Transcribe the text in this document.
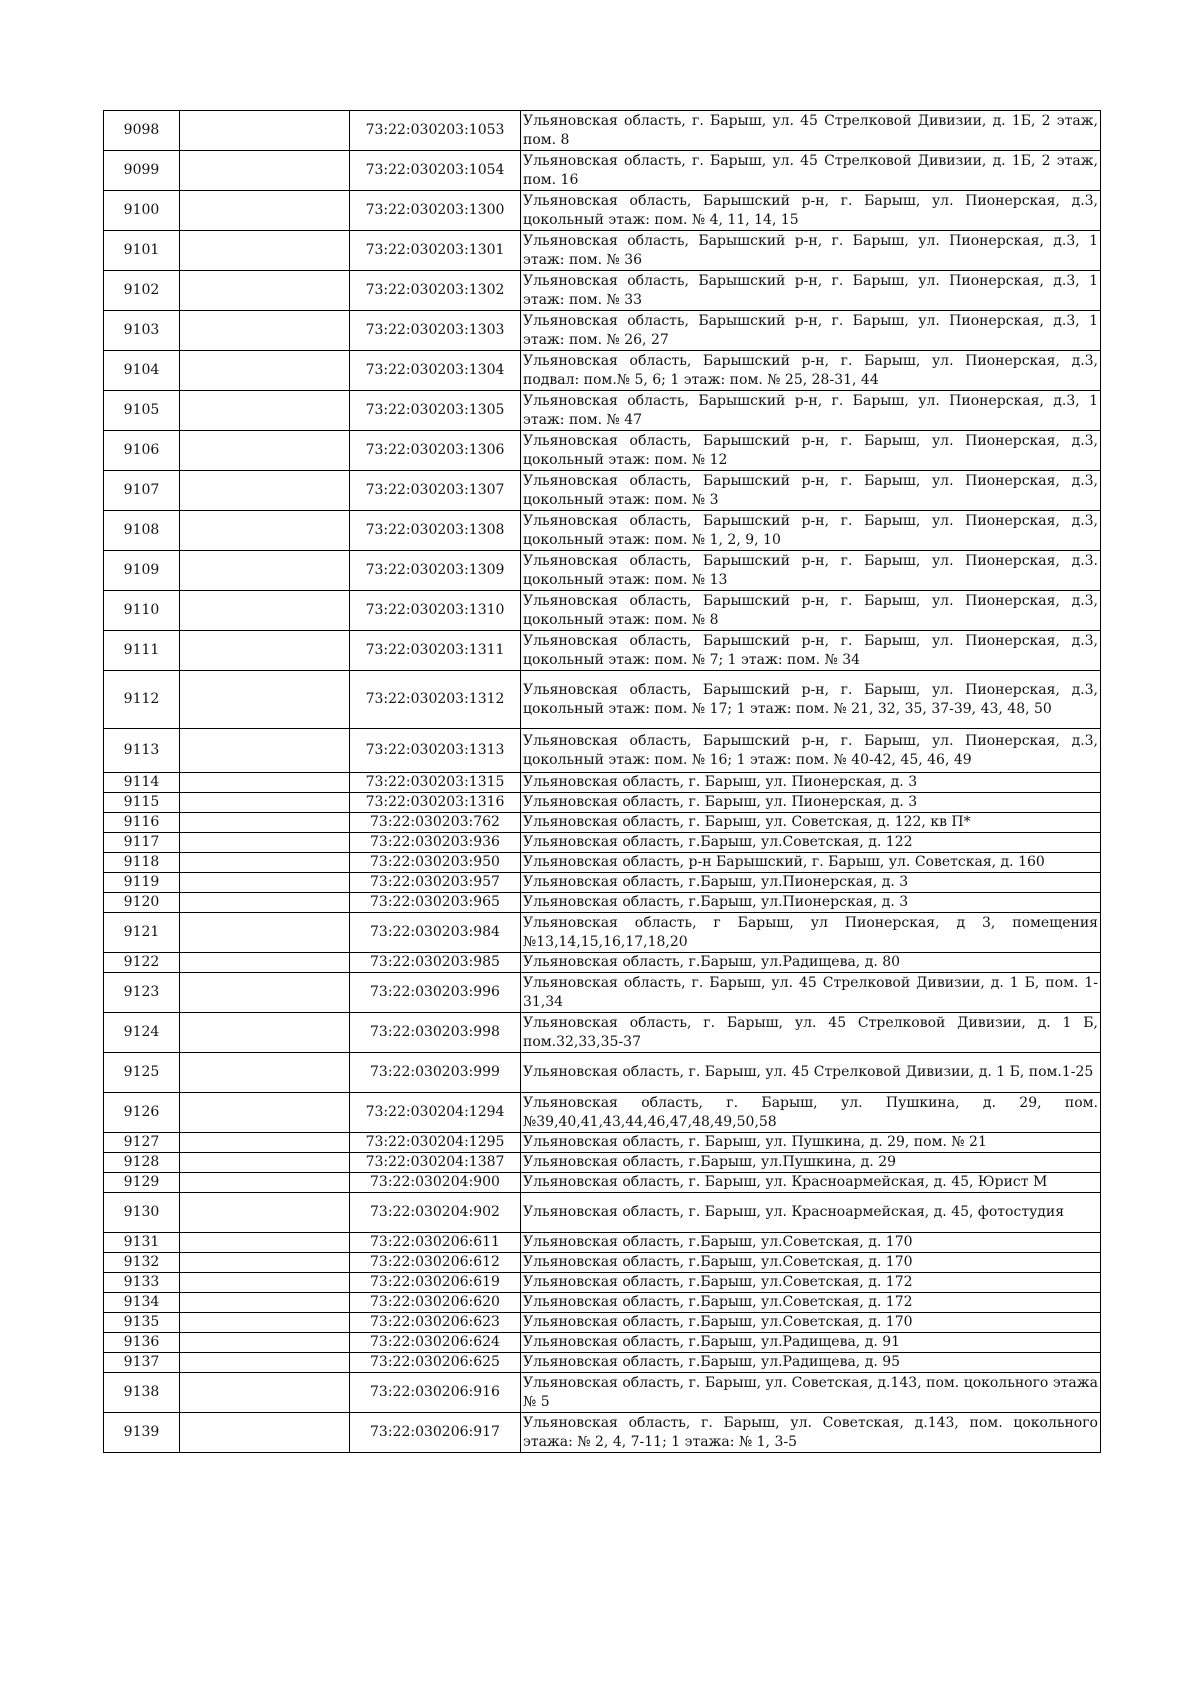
9098		73:22:030203:1053	Ульяновская область, г. Барыш, ул. 45 Стрелковой Дивизии, д. 1Б, 2 этаж, пом. 8
9099		73:22:030203:1054	Ульяновская область, г. Барыш, ул. 45 Стрелковой Дивизии, д. 1Б, 2 этаж, пом. 16
9100		73:22:030203:1300	Ульяновская область, Барышский р-н, г. Барыш, ул. Пионерская, д.3, цокольный этаж: пом. № 4, 11, 14, 15
9101		73:22:030203:1301	Ульяновская область, Барышский р-н, г. Барыш, ул. Пионерская, д.3, 1 этаж: пом. № 36
9102		73:22:030203:1302	Ульяновская область, Барышский р-н, г. Барыш, ул. Пионерская, д.3, 1 этаж: пом. № 33
9103		73:22:030203:1303	Ульяновская область, Барышский р-н, г. Барыш, ул. Пионерская, д.3, 1 этаж: пом. № 26, 27
9104		73:22:030203:1304	Ульяновская область, Барышский р-н, г. Барыш, ул. Пионерская, д.3, подвал: пом.№ 5, 6; 1 этаж: пом. № 25, 28-31, 44
9105		73:22:030203:1305	Ульяновская область, Барышский р-н, г. Барыш, ул. Пионерская, д.3, 1 этаж: пом. № 47
9106		73:22:030203:1306	Ульяновская область, Барышский р-н, г. Барыш, ул. Пионерская, д.3, цокольный этаж: пом. № 12
9107		73:22:030203:1307	Ульяновская область, Барышский р-н, г. Барыш, ул. Пионерская, д.3, цокольный этаж: пом. № 3
9108		73:22:030203:1308	Ульяновская область, Барышский р-н, г. Барыш, ул. Пионерская, д.3, цокольный этаж: пом. № 1, 2, 9, 10
9109		73:22:030203:1309	Ульяновская область, Барышский р-н, г. Барыш, ул. Пионерская, д.3. цокольный этаж: пом. № 13
9110		73:22:030203:1310	Ульяновская область, Барышский р-н, г. Барыш, ул. Пионерская, д.3, цокольный этаж: пом. № 8
9111		73:22:030203:1311	Ульяновская область, Барышский р-н, г. Барыш, ул. Пионерская, д.3, цокольный этаж: пом. № 7; 1 этаж: пом. № 34
9112		73:22:030203:1312	Ульяновская область, Барышский р-н, г. Барыш, ул. Пионерская, д.3, цокольный этаж: пом. № 17; 1 этаж: пом. № 21, 32, 35, 37-39, 43, 48, 50
9113		73:22:030203:1313	Ульяновская область, Барышский р-н, г. Барыш, ул. Пионерская, д.3, цокольный этаж: пом. № 16; 1 этаж: пом. № 40-42, 45, 46, 49
9114		73:22:030203:1315	Ульяновская область, г. Барыш, ул. Пионерская, д. 3
9115		73:22:030203:1316	Ульяновская область, г. Барыш, ул. Пионерская, д. 3
9116		73:22:030203:762	Ульяновская область, г. Барыш, ул. Советская, д. 122, кв П*
9117		73:22:030203:936	Ульяновская область, г.Барыш, ул.Советская, д. 122
9118		73:22:030203:950	Ульяновская область, р-н Барышский, г. Барыш, ул. Советская, д. 160
9119		73:22:030203:957	Ульяновская область, г.Барыш, ул.Пионерская, д. 3
9120		73:22:030203:965	Ульяновская область, г.Барыш, ул.Пионерская, д. 3
9121		73:22:030203:984	Ульяновская область, г Барыш, ул Пионерская, д 3, помещения №13,14,15,16,17,18,20
9122		73:22:030203:985	Ульяновская область, г.Барыш, ул.Радищева, д. 80
9123		73:22:030203:996	Ульяновская область, г. Барыш, ул. 45 Стрелковой Дивизии, д. 1 Б, пом. 1-31,34
9124		73:22:030203:998	Ульяновская область, г. Барыш, ул. 45 Стрелковой Дивизии, д. 1 Б, пом.32,33,35-37
9125		73:22:030203:999	Ульяновская область, г. Барыш, ул. 45 Стрелковой Дивизии, д. 1 Б, пом.1-25
9126		73:22:030204:1294	Ульяновская область, г. Барыш, ул. Пушкина, д. 29, пом. №39,40,41,43,44,46,47,48,49,50,58
9127		73:22:030204:1295	Ульяновская область, г. Барыш, ул. Пушкина, д. 29, пом. № 21
9128		73:22:030204:1387	Ульяновская область, г.Барыш, ул.Пушкина, д. 29
9129		73:22:030204:900	Ульяновская область, г. Барыш, ул. Красноармейская, д. 45, Юрист М
9130		73:22:030204:902	Ульяновская область, г. Барыш, ул. Красноармейская, д. 45, фотостудия
9131		73:22:030206:611	Ульяновская область, г.Барыш, ул.Советская, д. 170
9132		73:22:030206:612	Ульяновская область, г.Барыш, ул.Советская, д. 170
9133		73:22:030206:619	Ульяновская область, г.Барыш, ул.Советская, д. 172
9134		73:22:030206:620	Ульяновская область, г.Барыш, ул.Советская, д. 172
9135		73:22:030206:623	Ульяновская область, г.Барыш, ул.Советская, д. 170
9136		73:22:030206:624	Ульяновская область, г.Барыш, ул.Радищева, д. 91
9137		73:22:030206:625	Ульяновская область, г.Барыш, ул.Радищева, д. 95
9138		73:22:030206:916	Ульяновская область, г. Барыш, ул. Советская, д.143, пом. цокольного этажа № 5
9139		73:22:030206:917	Ульяновская область, г. Барыш, ул. Советская, д.143, пом. цокольного этажа: № 2, 4, 7-11; 1 этажа: № 1, 3-5
